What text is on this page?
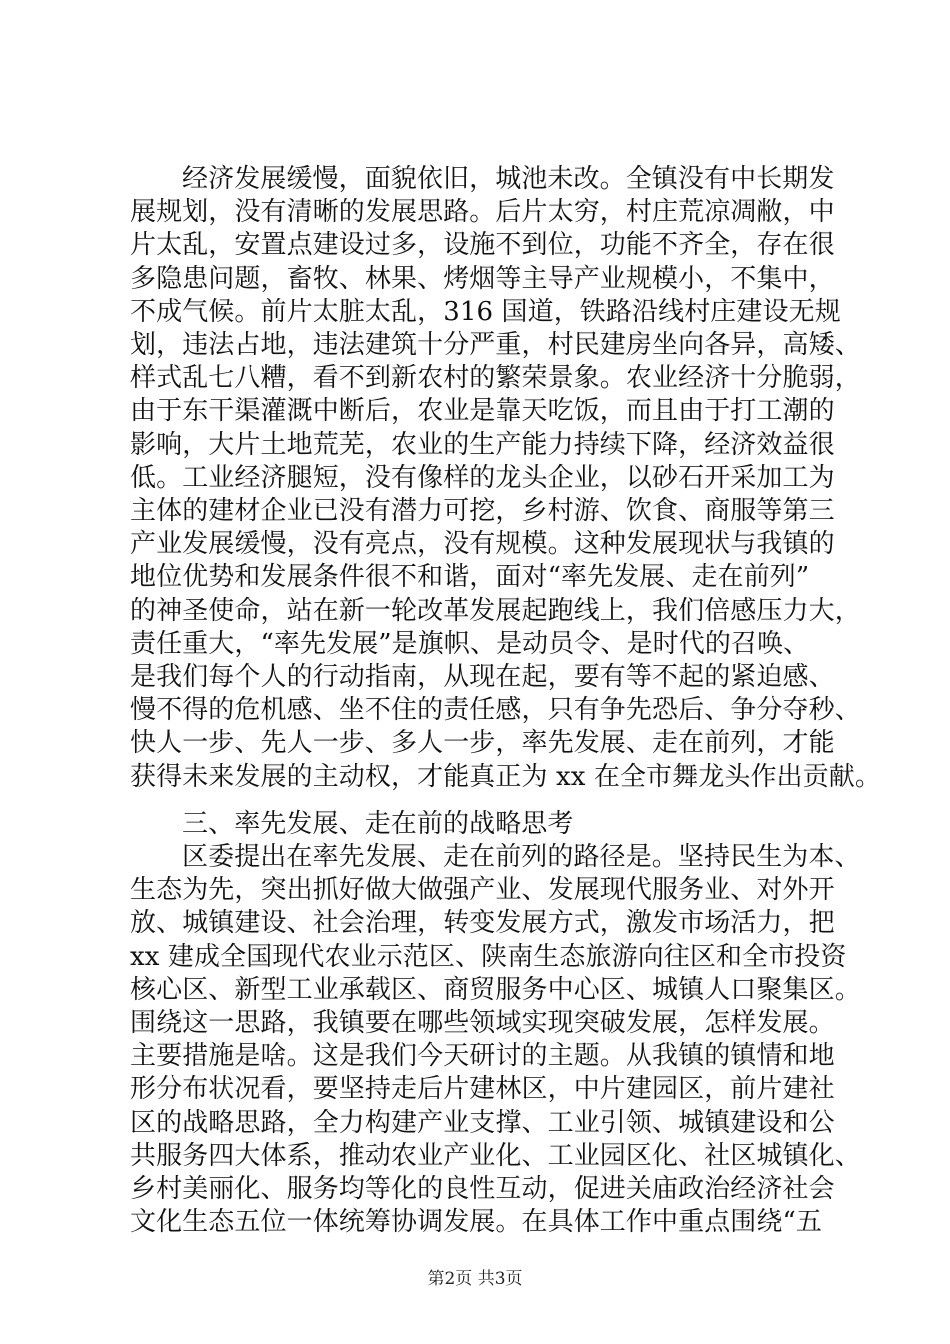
经济发展缓慢，面貌依旧，城池未改。全镇没有中长期发
展规划，没有清晰的发展思路。后片太穷，村庄荒凉凋敝，中
片太乱，安置点建设过多，设施不到位，功能不齐全，存在很
多隐患问题，畜牧、林果、烤烟等主导产业规模小，不集中，
不成气候。前片太脏太乱，316 国道，铁路沿线村庄建设无规
划，违法占地，违法建筑十分严重，村民建房坐向各异，高矮、
样式乱七八糟，看不到新农村的繁荣景象。农业经济十分脆弱，
由于东干渠灌溉中断后，农业是靠天吃饭，而且由于打工潮的
影响，大片土地荒芜，农业的生产能力持续下降，经济效益很
低。工业经济腿短，没有像样的龙头企业，以砂石开采加工为
主体的建材企业已没有潜力可挖，乡村游、饮食、商服等第三
产业发展缓慢，没有亮点，没有规模。这种发展现状与我镇的
地位优势和发展条件很不和谐，面对“率先发展、走在前列”
的神圣使命，站在新一轮改革发展起跑线上，我们倍感压力大，
责任重大，“率先发展”是旗帜、是动员令、是时代的召唤、
是我们每个人的行动指南，从现在起，要有等不起的紧迫感、
慢不得的危机感、坐不住的责任感，只有争先恐后、争分夺秒、
快人一步、先人一步、多人一步，率先发展、走在前列，才能
获得未来发展的主动权，才能真正为 xx 在全市舞龙头作出贡献。
三、率先发展、走在前的战略思考
区委提出在率先发展、走在前列的路径是。坚持民生为本、
生态为先，突出抓好做大做强产业、发展现代服务业、对外开
放、城镇建设、社会治理，转变发展方式，激发市场活力，把
xx 建成全国现代农业示范区、陕南生态旅游向往区和全市投资
核心区、新型工业承载区、商贸服务中心区、城镇人口聚集区。
围绕这一思路，我镇要在哪些领域实现突破发展，怎样发展。
主要措施是啥。这是我们今天研讨的主题。从我镇的镇情和地
形分布状况看，要坚持走后片建林区，中片建园区，前片建社
区的战略思路，全力构建产业支撑、工业引领、城镇建设和公
共服务四大体系，推动农业产业化、工业园区化、社区城镇化、
乡村美丽化、服务均等化的良性互动，促进关庙政治经济社会
文化生态五位一体统筹协调发展。在具体工作中重点围绕“五
第2页 共3页
